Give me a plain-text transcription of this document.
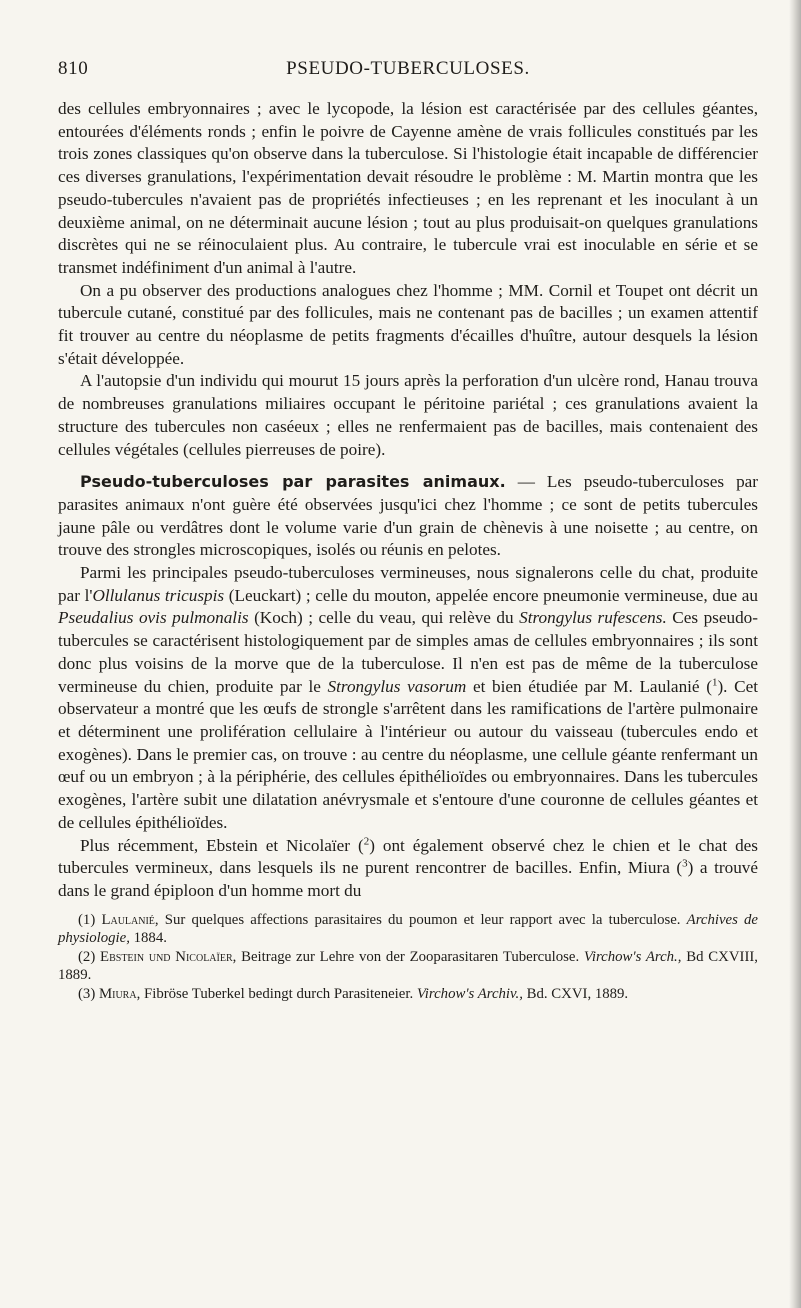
810	PSEUDO-TUBERCULOSES.

des cellules embryonnaires ; avec le lycopode, la lésion est caractérisée par des cellules géantes, entourées d'éléments ronds ; enfin le poivre de Cayenne amène de vrais follicules constitués par les trois zones classiques qu'on observe dans la tuberculose. Si l'histologie était incapable de différencier ces diverses granulations, l'expérimentation devait résoudre le problème : M. Martin montra que les pseudo-tubercules n'avaient pas de propriétés infectieuses ; en les reprenant et les inoculant à un deuxième animal, on ne déterminait aucune lésion ; tout au plus produisait-on quelques granulations discrètes qui ne se réinoculaient plus. Au contraire, le tubercule vrai est inoculable en série et se transmet indéfiniment d'un animal à l'autre.

On a pu observer des productions analogues chez l'homme ; MM. Cornil et Toupet ont décrit un tubercule cutané, constitué par des follicules, mais ne contenant pas de bacilles ; un examen attentif fit trouver au centre du néoplasme de petits fragments d'écailles d'huître, autour desquels la lésion s'était développée.

A l'autopsie d'un individu qui mourut 15 jours après la perforation d'un ulcère rond, Hanau trouva de nombreuses granulations miliaires occupant le péritoine pariétal ; ces granulations avaient la structure des tubercules non caséeux ; elles ne renfermaient pas de bacilles, mais contenaient des cellules végétales (cellules pierreuses de poire).

Pseudo-tuberculoses par parasites animaux. — Les pseudo-tuberculoses par parasites animaux n'ont guère été observées jusqu'ici chez l'homme ; ce sont de petits tubercules jaune pâle ou verdâtres dont le volume varie d'un grain de chènevis à une noisette ; au centre, on trouve des strongles microscopiques, isolés ou réunis en pelotes.

Parmi les principales pseudo-tuberculoses vermineuses, nous signalerons celle du chat, produite par l'Ollulanus tricuspis (Leuckart) ; celle du mouton, appelée encore pneumonie vermineuse, due au Pseudalius ovis pulmonalis (Koch) ; celle du veau, qui relève du Strongylus rufescens. Ces pseudo-tubercules se caractérisent histologiquement par de simples amas de cellules embryonnaires ; ils sont donc plus voisins de la morve que de la tuberculose. Il n'en est pas de même de la tuberculose vermineuse du chien, produite par le Strongylus vasorum et bien étudiée par M. Laulanié ($^1$). Cet observateur a montré que les œufs de strongle s'arrêtent dans les ramifications de l'artère pulmonaire et déterminent une prolifération cellulaire à l'intérieur ou autour du vaisseau (tubercules endo et exogènes). Dans le premier cas, on trouve : au centre du néoplasme, une cellule géante renfermant un œuf ou un embryon ; à la périphérie, des cellules épithélioïdes ou embryonnaires. Dans les tubercules exogènes, l'artère subit une dilatation anévrysmale et s'entoure d'une couronne de cellules géantes et de cellules épithélioïdes.

Plus récemment, Ebstein et Nicolaïer ($^2$) ont également observé chez le chien et le chat des tubercules vermineux, dans lesquels ils ne purent rencontrer de bacilles. Enfin, Miura ($^3$) a trouvé dans le grand épiploon d'un homme mort du

(1) Laulanié, Sur quelques affections parasitaires du poumon et leur rapport avec la tuberculose. Archives de physiologie, 1884.

(2) Ebstein und Nicolaïer, Beitrage zur Lehre von der Zooparasitaren Tuberculose. Virchow's Arch., Bd CXVIII, 1889.

(3) Miura, Fibröse Tuberkel bedingt durch Parasiteneier. Virchow's Archiv., Bd. CXVI, 1889.
